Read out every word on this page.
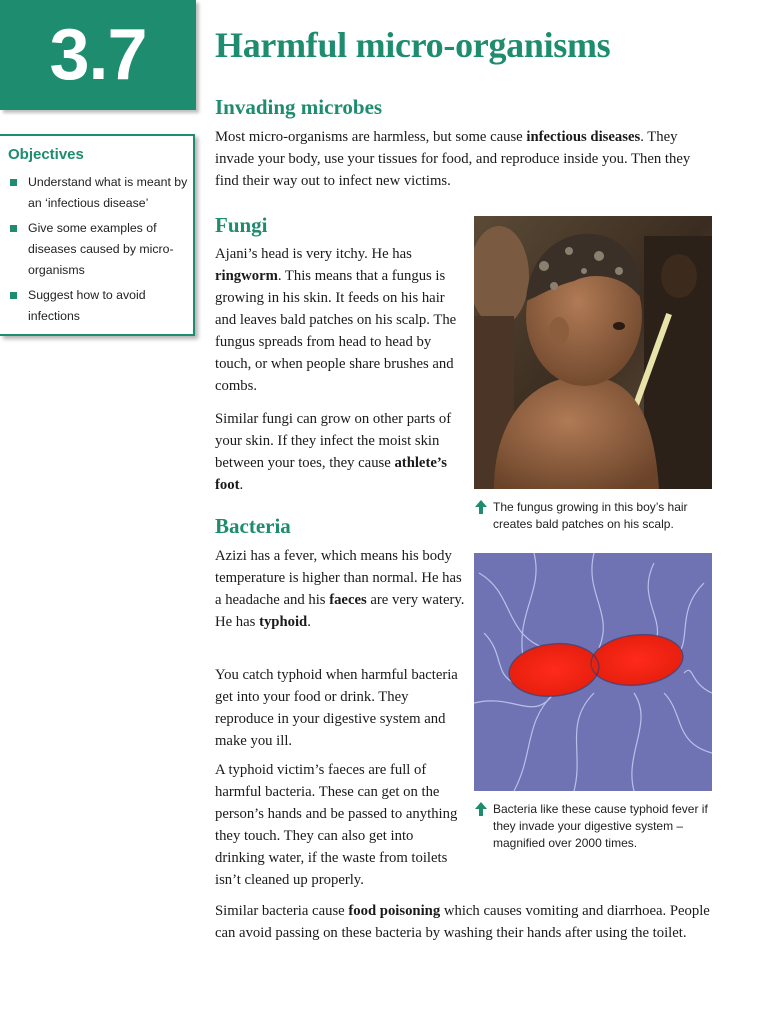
3.7 Harmful micro-organisms
Objectives
Understand what is meant by an ‘infectious disease’
Give some examples of diseases caused by micro-organisms
Suggest how to avoid infections
Invading microbes

Most micro-organisms are harmless, but some cause infectious diseases. They invade your body, use your tissues for food, and reproduce inside you. Then they find their way out to infect new victims.

Fungi

Ajani’s head is very itchy. He has ringworm. This means that a fungus is growing in his skin. It feeds on his hair and leaves bald patches on his scalp. The fungus spreads from head to head by touch, or when people share brushes and combs.

Similar fungi can grow on other parts of your skin. If they infect the moist skin between your toes, they cause athlete’s foot.

The fungus growing in this boy’s hair creates bald patches on his scalp.
Bacteria

Azizi has a fever, which means his body temperature is higher than normal. He has a headache and his faeces are very watery. He has typhoid.

You catch typhoid when harmful bacteria get into your food or drink. They reproduce in your digestive system and make you ill.

A typhoid victim’s faeces are full of harmful bacteria. These can get on the person’s hands and be passed to anything they touch. They can also get into drinking water, if the waste from toilets isn’t cleaned up properly.

Bacteria like these cause typhoid fever if they invade your digestive system – magnified over 2000 times.

Similar bacteria cause food poisoning which causes vomiting and diarrhoea. People can avoid passing on these bacteria by washing their hands after using the toilet.
